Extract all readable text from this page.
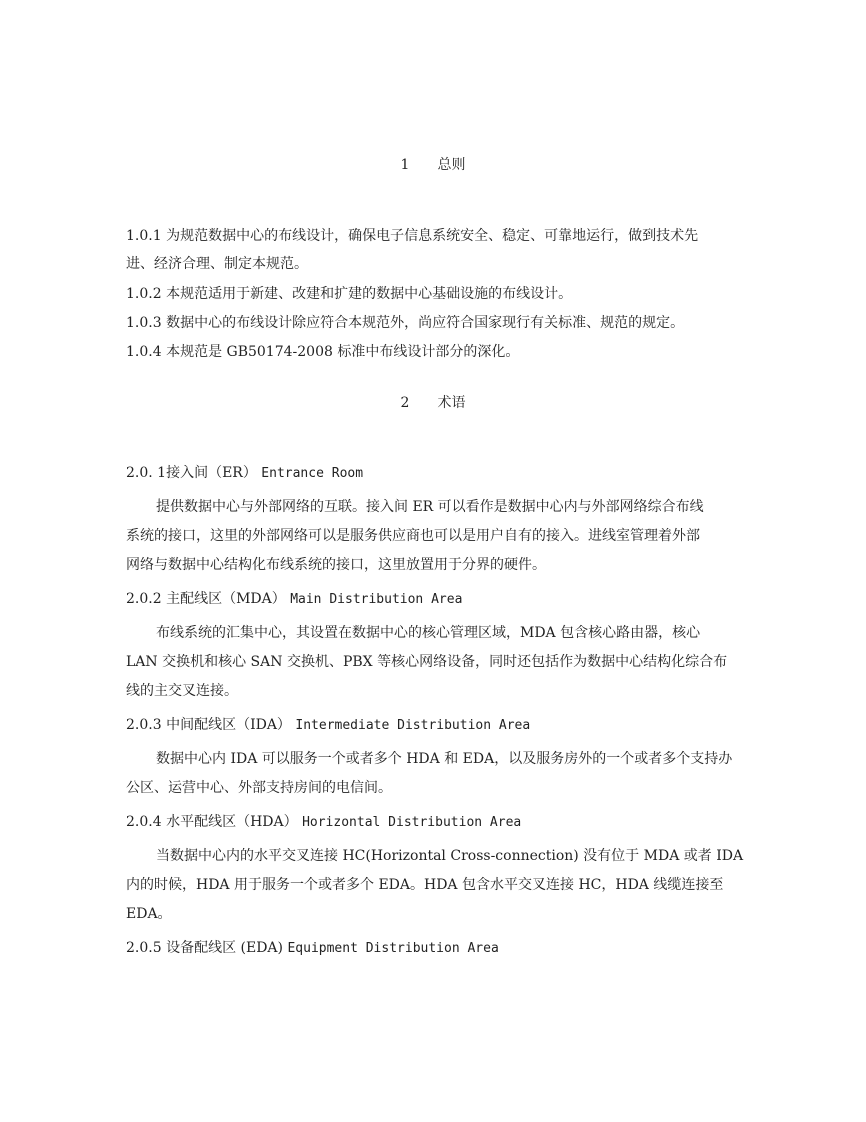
1　　总则

1.0.1 为规范数据中心的布线设计，确保电子信息系统安全、稳定、可靠地运行，做到技术先

进、经济合理、制定本规范。

1.0.2 本规范适用于新建、改建和扩建的数据中心基础设施的布线设计。

1.0.3 数据中心的布线设计除应符合本规范外，尚应符合国家现行有关标准、规范的规定。

1.0.4 本规范是 GB50174-2008 标准中布线设计部分的深化。

2　　术语

2.0. 1接入间（ER） Entrance Room

提供数据中心与外部网络的互联。接入间 ER 可以看作是数据中心内与外部网络综合布线

系统的接口，这里的外部网络可以是服务供应商也可以是用户自有的接入。进线室管理着外部

网络与数据中心结构化布线系统的接口，这里放置用于分界的硬件。

2.0.2 主配线区（MDA） Main Distribution Area

布线系统的汇集中心，其设置在数据中心的核心管理区域，MDA 包含核心路由器，核心

LAN 交换机和核心 SAN 交换机、PBX 等核心网络设备，同时还包括作为数据中心结构化综合布

线的主交叉连接。

2.0.3 中间配线区（IDA） Intermediate Distribution Area

数据中心内 IDA 可以服务一个或者多个 HDA 和 EDA，以及服务房外的一个或者多个支持办

公区、运营中心、外部支持房间的电信间。

2.0.4 水平配线区（HDA） Horizontal Distribution Area

当数据中心内的水平交叉连接 HC(Horizontal Cross-connection) 没有位于 MDA 或者 IDA

内的时候，HDA 用于服务一个或者多个 EDA。HDA 包含水平交叉连接 HC，HDA 线缆连接至

EDA。

2.0.5 设备配线区 (EDA) Equipment Distribution Area
